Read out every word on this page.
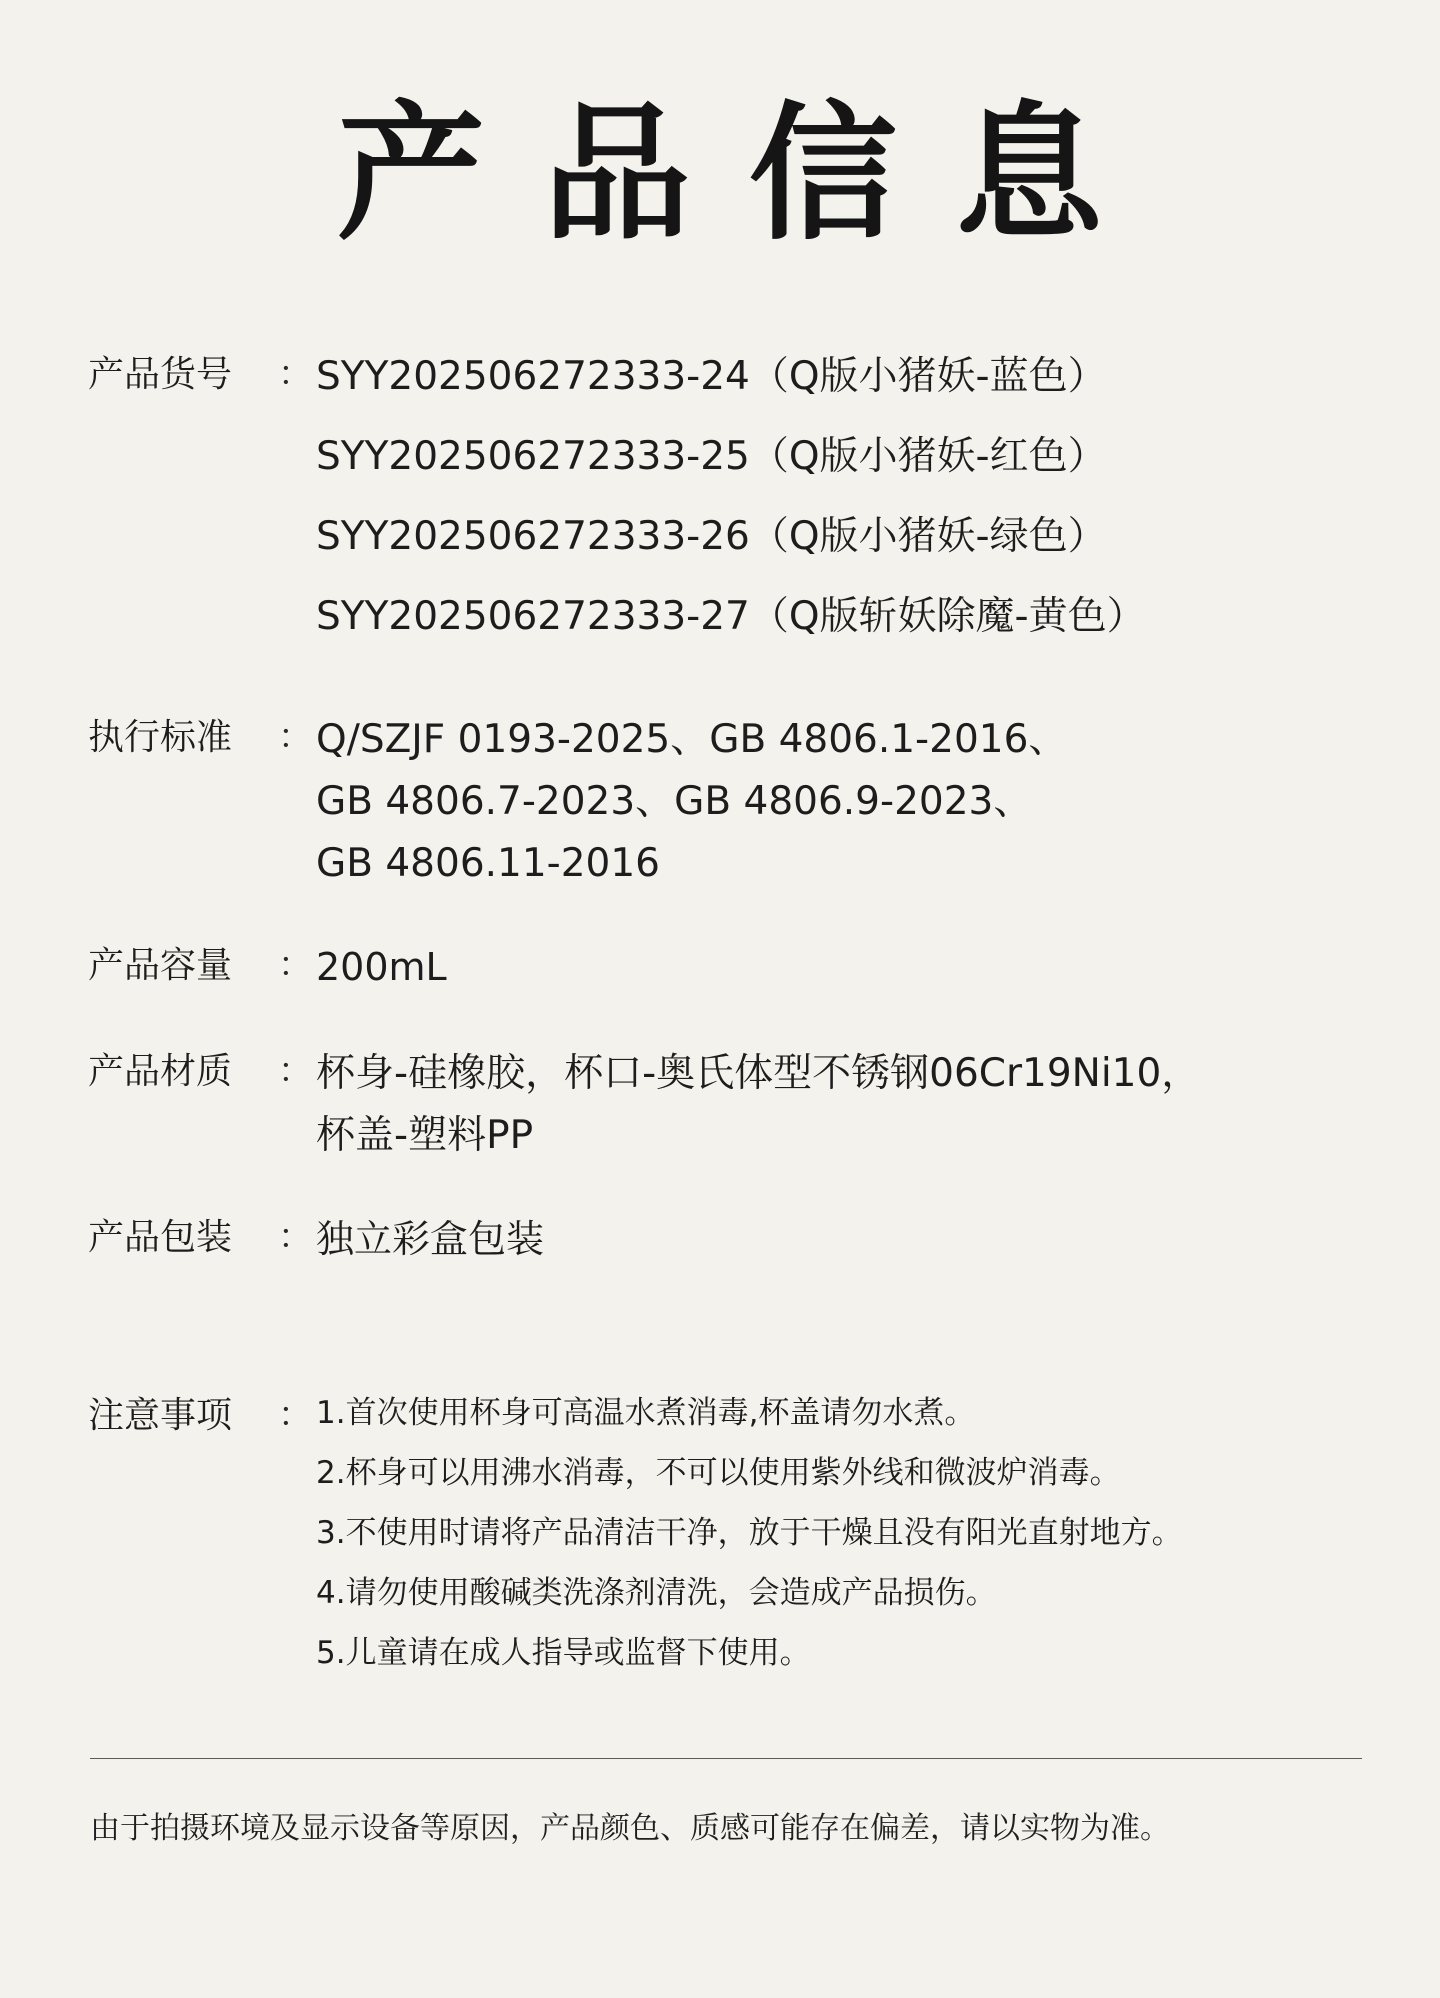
产品信息
产品货号	： SYY202506272333-24（Q版小猪妖-蓝色）
SYY202506272333-25（Q版小猪妖-红色）
SYY202506272333-26（Q版小猪妖-绿色）
SYY202506272333-27（Q版斩妖除魔-黄色）
执行标准	： Q/SZJF 0193-2025、GB 4806.1-2016、
GB 4806.7-2023、GB 4806.9-2023、
GB 4806.11-2016
产品容量	： 200mL
产品材质	： 杯身-硅橡胶，杯口-奥氏体型不锈钢06Cr19Ni10，
杯盖-塑料PP
产品包装	： 独立彩盒包装
注意事项	： 1.首次使用杯身可高温水煮消毒,杯盖请勿水煮。
2.杯身可以用沸水消毒，不可以使用紫外线和微波炉消毒。
3.不使用时请将产品清洁干净，放于干燥且没有阳光直射地方。
4.请勿使用酸碱类洗涤剂清洗，会造成产品损伤。
5.儿童请在成人指导或监督下使用。
由于拍摄环境及显示设备等原因，产品颜色、质感可能存在偏差，请以实物为准。
